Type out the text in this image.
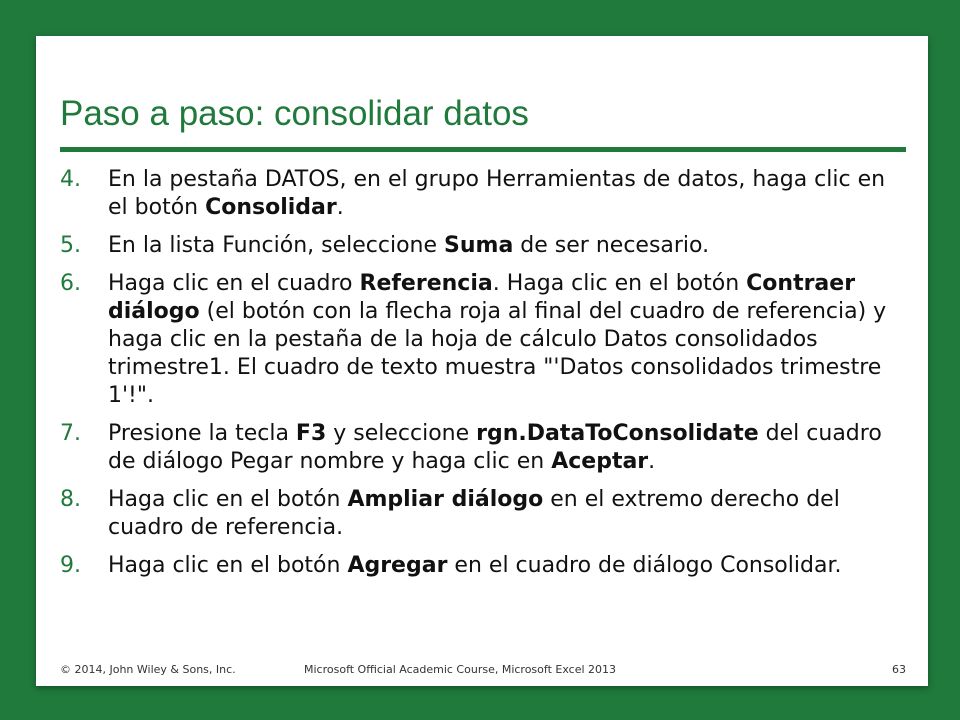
Paso a paso: consolidar datos
4.	En la pestaña DATOS, en el grupo Herramientas de datos, haga clic en el botón Consolidar.
5.	En la lista Función, seleccione Suma de ser necesario.
6.	Haga clic en el cuadro Referencia. Haga clic en el botón Contraer diálogo (el botón con la flecha roja al final del cuadro de referencia) y haga clic en la pestaña de la hoja de cálculo Datos consolidados trimestre1. El cuadro de texto muestra "'Datos consolidados trimestre 1'!".
7.	Presione la tecla F3 y seleccione rgn.DataToConsolidate del cuadro de diálogo Pegar nombre y haga clic en Aceptar.
8.	Haga clic en el botón Ampliar diálogo en el extremo derecho del cuadro de referencia.
9.	Haga clic en el botón Agregar en el cuadro de diálogo Consolidar.
© 2014, John Wiley & Sons, Inc.	Microsoft Official Academic Course, Microsoft Excel 2013	63
